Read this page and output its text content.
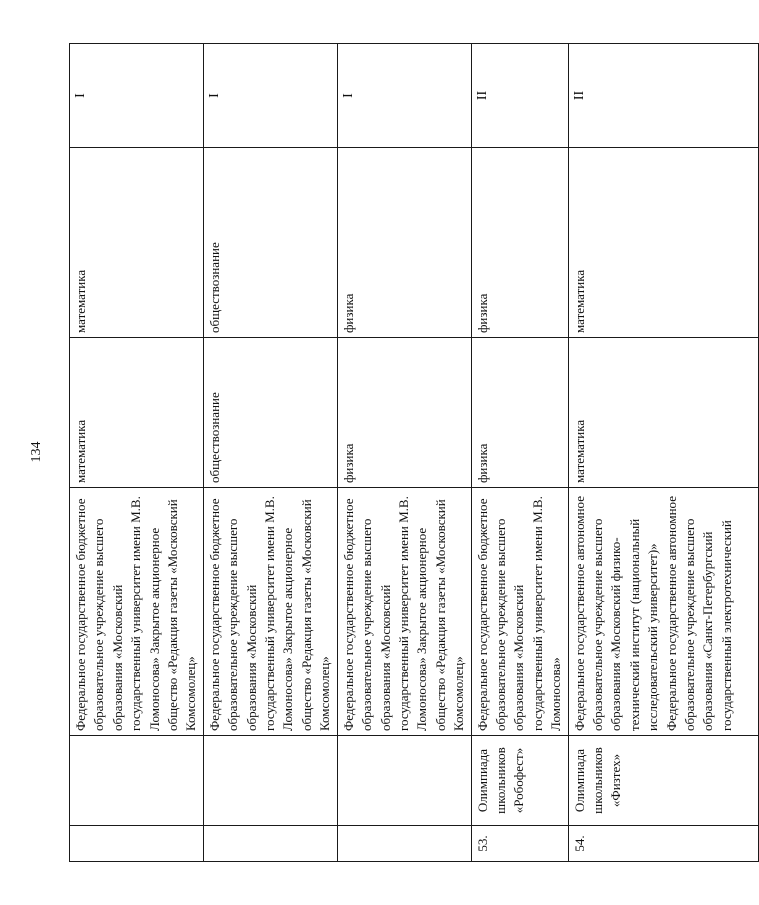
134
		Федеральное государственное бюджетное образовательное учреждение высшего образования «Московский государственный университет имени М.В. Ломоносова» Закрытое акционерное общество «Редакция газеты «Московский Комсомолец»	математика	математика	I
		Федеральное государственное бюджетное образовательное учреждение высшего образования «Московский государственный университет имени М.В. Ломоносова» Закрытое акционерное общество «Редакция газеты «Московский Комсомолец»	обществознание	обществознание	I
		Федеральное государственное бюджетное образовательное учреждение высшего образования «Московский государственный университет имени М.В. Ломоносова» Закрытое акционерное общество «Редакция газеты «Московский Комсомолец»	физика	физика	I
53.	Олимпиада школьников «Робофест»	Федеральное государственное бюджетное образовательное учреждение высшего образования «Московский государственный университет имени М.В. Ломоносова»	физика	физика	II
54.	Олимпиада школьников «Физтех»	Федеральное государственное автономное образовательное учреждение высшего образования «Московский физико-технический институт (национальный исследовательский университет)» Федеральное государственное автономное образовательное учреждение высшего образования «Санкт-Петербургский государственный электротехнический	математика	математика	II
